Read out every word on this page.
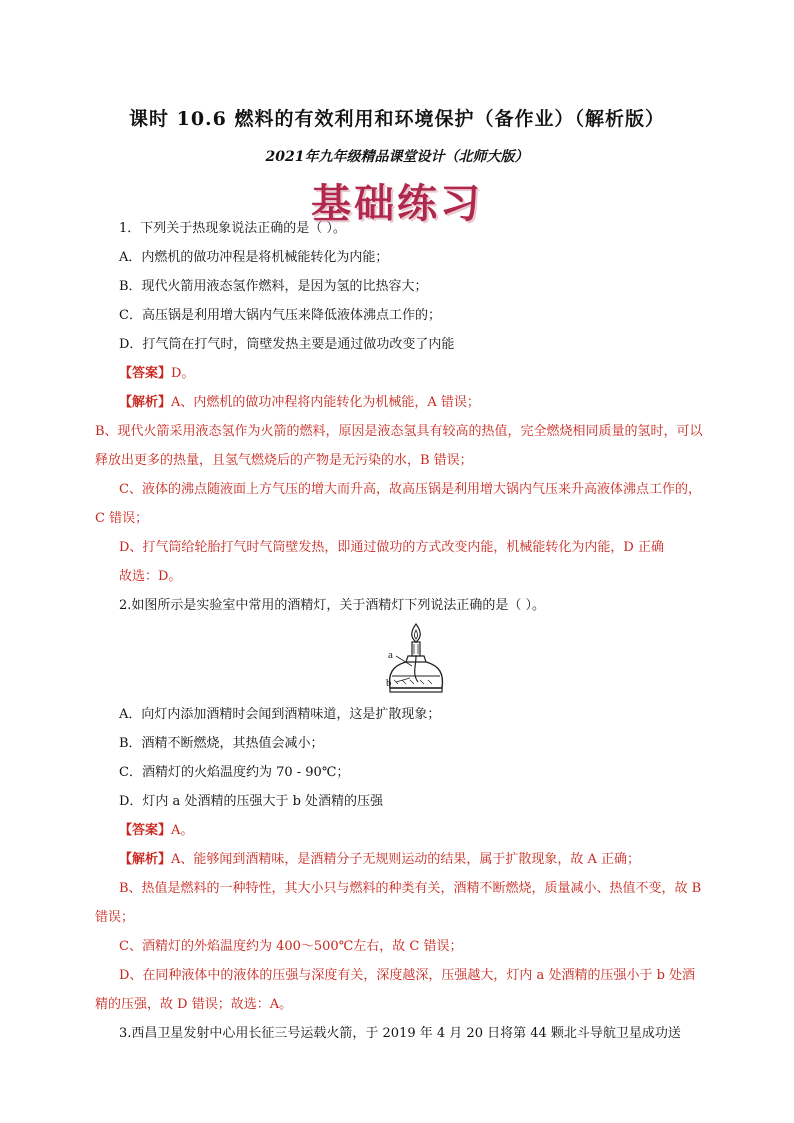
课时 10.6 燃料的有效利用和环境保护（备作业）（解析版）
2021年九年级精品课堂设计（北师大版）
基础练习
1．下列关于热现象说法正确的是（ ）。
A．内燃机的做功冲程是将机械能转化为内能；
B．现代火箭用液态氢作燃料，是因为氢的比热容大；
C．高压锅是利用增大锅内气压来降低液体沸点工作的；
D．打气筒在打气时，筒壁发热主要是通过做功改变了内能
【答案】D。
【解析】A、内燃机的做功冲程将内能转化为机械能，A 错误；
B、现代火箭采用液态氢作为火箭的燃料，原因是液态氢具有较高的热值，完全燃烧相同质量的氢时，可以释放出更多的热量，且氢气燃烧后的产物是无污染的水，B 错误；
C、液体的沸点随液面上方气压的增大而升高，故高压锅是利用增大锅内气压来升高液体沸点工作的，C 错误；
D、打气筒给轮胎打气时气筒壁发热，即通过做功的方式改变内能，机械能转化为内能，D 正确
故选：D。
2.如图所示是实验室中常用的酒精灯，关于酒精灯下列说法正确的是（ ）。
a
b
A．向灯内添加酒精时会闻到酒精味道，这是扩散现象；
B．酒精不断燃烧，其热值会减小；
C．酒精灯的火焰温度约为 70 - 90℃；
D．灯内 a 处酒精的压强大于 b 处酒精的压强
【答案】A。
【解析】A、能够闻到酒精味，是酒精分子无规则运动的结果，属于扩散现象，故 A 正确；
B、热值是燃料的一种特性，其大小只与燃料的种类有关，酒精不断燃烧，质量减小、热值不变，故 B 错误；
C、酒精灯的外焰温度约为 400～500℃左右，故 C 错误；
D、在同种液体中的液体的压强与深度有关，深度越深，压强越大，灯内 a 处酒精的压强小于 b 处酒精的压强，故 D 错误；故选：A。
3.西昌卫星发射中心用长征三号运载火箭，于 2019 年 4 月 20 日将第 44 颗北斗导航卫星成功送
